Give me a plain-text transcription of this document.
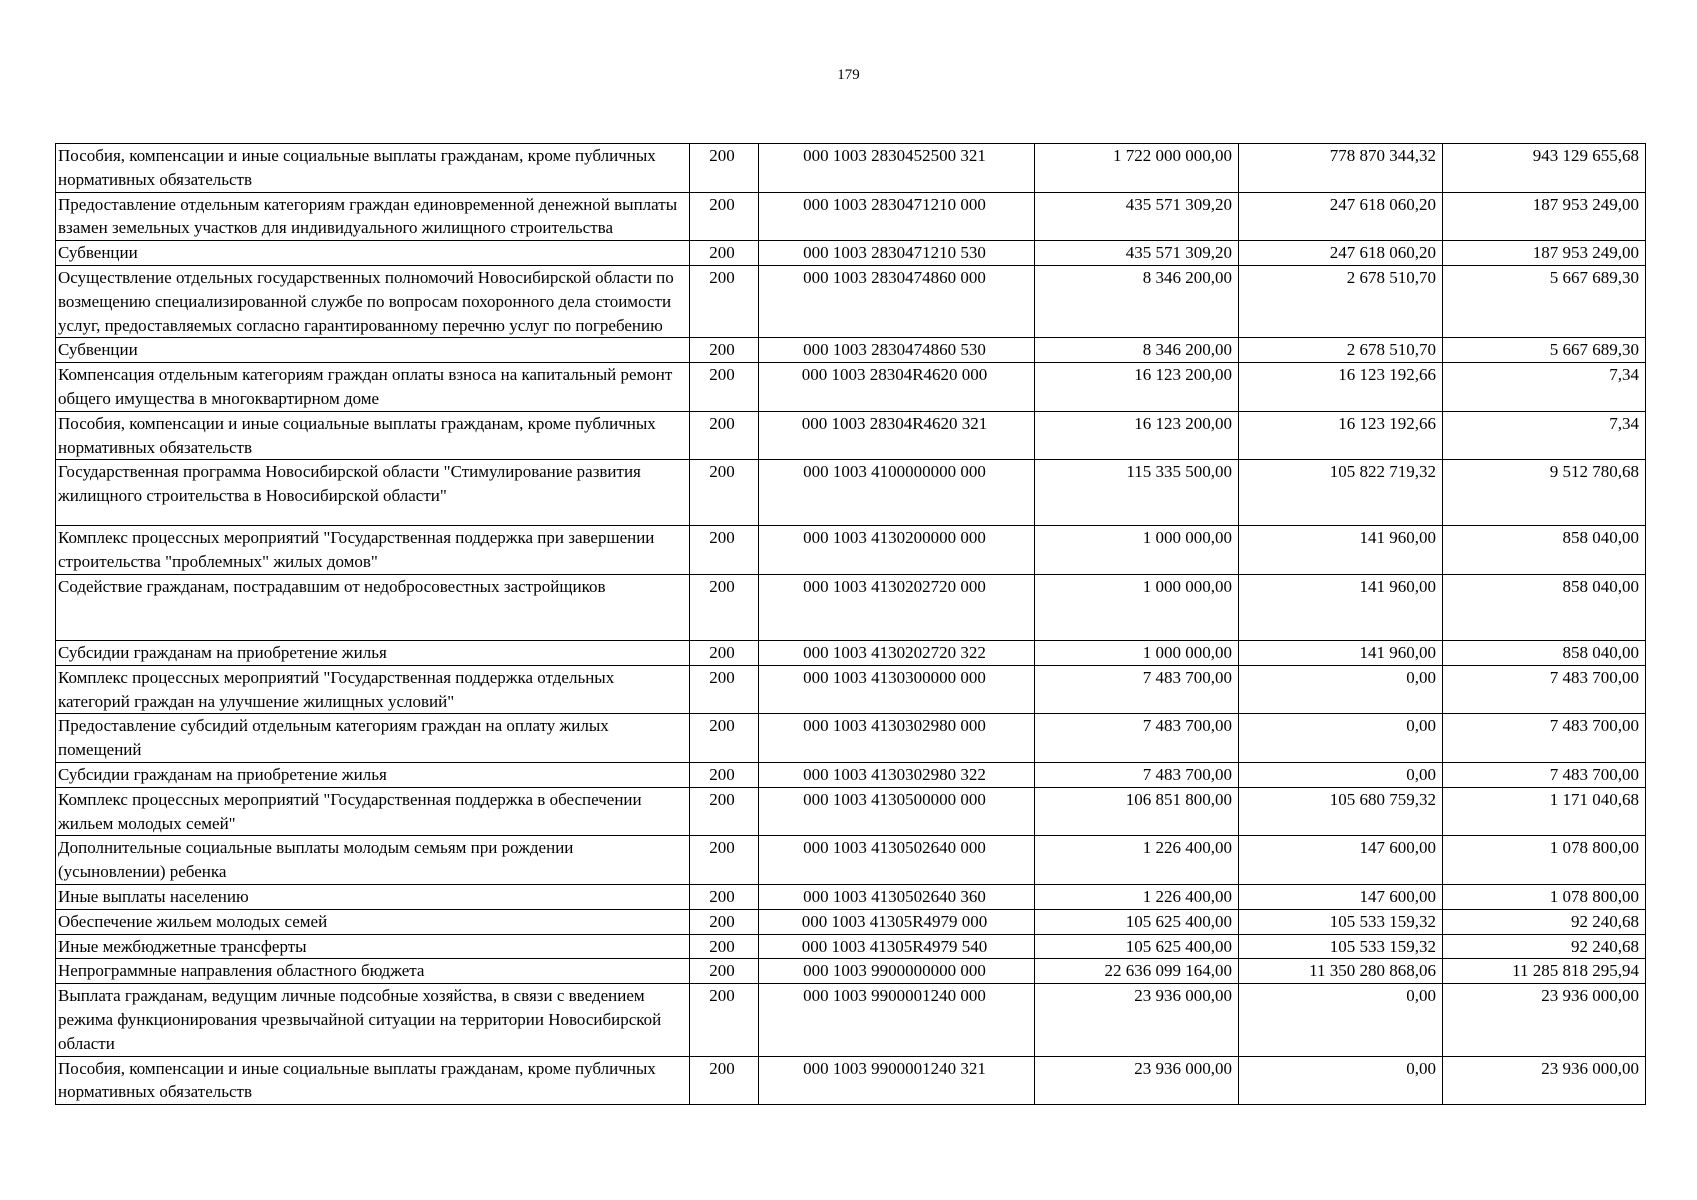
179
Пособия, компенсации и иные социальные выплаты гражданам, кроме публичных нормативных обязательств	200	000 1003 2830452500 321	1 722 000 000,00	778 870 344,32	943 129 655,68
Предоставление отдельным категориям граждан единовременной денежной выплаты взамен земельных участков для индивидуального жилищного строительства	200	000 1003 2830471210 000	435 571 309,20	247 618 060,20	187 953 249,00
Субвенции	200	000 1003 2830471210 530	435 571 309,20	247 618 060,20	187 953 249,00
Осуществление отдельных государственных полномочий Новосибирской области по возмещению специализированной службе по вопросам похоронного дела стоимости услуг, предоставляемых согласно гарантированному перечню услуг по погребению	200	000 1003 2830474860 000	8 346 200,00	2 678 510,70	5 667 689,30
Субвенции	200	000 1003 2830474860 530	8 346 200,00	2 678 510,70	5 667 689,30
Компенсация отдельным категориям граждан оплаты взноса на капитальный ремонт общего имущества в многоквартирном доме	200	000 1003 28304R4620 000	16 123 200,00	16 123 192,66	7,34
Пособия, компенсации и иные социальные выплаты гражданам, кроме публичных нормативных обязательств	200	000 1003 28304R4620 321	16 123 200,00	16 123 192,66	7,34
Государственная программа Новосибирской области "Стимулирование развития жилищного строительства в Новосибирской области"	200	000 1003 4100000000 000	115 335 500,00	105 822 719,32	9 512 780,68
Комплекс процессных мероприятий "Государственная поддержка при завершении строительства "проблемных" жилых домов"	200	000 1003 4130200000 000	1 000 000,00	141 960,00	858 040,00
Содействие гражданам, пострадавшим от недобросовестных застройщиков	200	000 1003 4130202720 000	1 000 000,00	141 960,00	858 040,00
Субсидии гражданам на приобретение жилья	200	000 1003 4130202720 322	1 000 000,00	141 960,00	858 040,00
Комплекс процессных мероприятий "Государственная поддержка отдельных категорий граждан на улучшение жилищных условий"	200	000 1003 4130300000 000	7 483 700,00	0,00	7 483 700,00
Предоставление субсидий отдельным категориям граждан на оплату жилых помещений	200	000 1003 4130302980 000	7 483 700,00	0,00	7 483 700,00
Субсидии гражданам на приобретение жилья	200	000 1003 4130302980 322	7 483 700,00	0,00	7 483 700,00
Комплекс процессных мероприятий "Государственная поддержка в обеспечении жильем молодых семей"	200	000 1003 4130500000 000	106 851 800,00	105 680 759,32	1 171 040,68
Дополнительные социальные выплаты молодым семьям при рождении (усыновлении) ребенка	200	000 1003 4130502640 000	1 226 400,00	147 600,00	1 078 800,00
Иные выплаты населению	200	000 1003 4130502640 360	1 226 400,00	147 600,00	1 078 800,00
Обеспечение жильем молодых семей	200	000 1003 41305R4979 000	105 625 400,00	105 533 159,32	92 240,68
Иные межбюджетные трансферты	200	000 1003 41305R4979 540	105 625 400,00	105 533 159,32	92 240,68
Непрограммные направления областного бюджета	200	000 1003 9900000000 000	22 636 099 164,00	11 350 280 868,06	11 285 818 295,94
Выплата гражданам, ведущим личные подсобные хозяйства, в связи с введением режима функционирования чрезвычайной ситуации на территории Новосибирской области	200	000 1003 9900001240 000	23 936 000,00	0,00	23 936 000,00
Пособия, компенсации и иные социальные выплаты гражданам, кроме публичных нормативных обязательств	200	000 1003 9900001240 321	23 936 000,00	0,00	23 936 000,00
